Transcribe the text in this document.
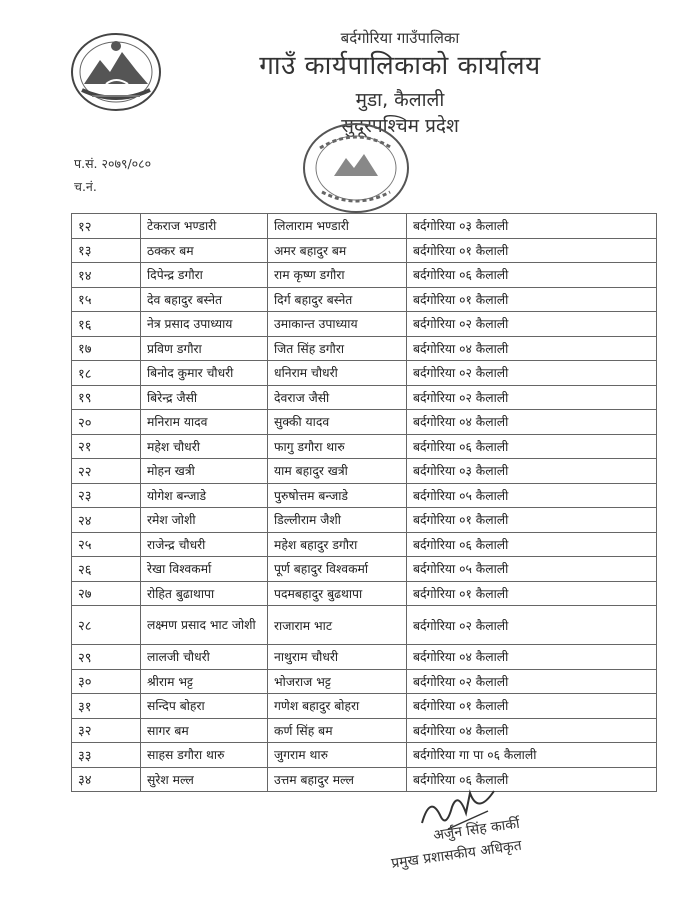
बर्दगोरिया गाउँपालिका
गाउँ कार्यपालिकाको कार्यालय
मुडा, कैलाली
सुदूरपश्चिम प्रदेश
प.सं. २०७९/०८०
च.नं.
१२	टेकराज भण्डारी	लिलाराम भण्डारी	बर्दगोरिया ०३ कैलाली
१३	ठक्कर बम	अमर बहादुर बम	बर्दगोरिया ०१ कैलाली
१४	दिपेन्द्र डगौरा	राम कृष्ण डगौरा	बर्दगोरिया ०६ कैलाली
१५	देव बहादुर बस्नेत	दिर्ग बहादुर बस्नेत	बर्दगोरिया ०१ कैलाली
१६	नेत्र प्रसाद उपाध्याय	उमाकान्त उपाध्याय	बर्दगोरिया ०२ कैलाली
१७	प्रविण डगौरा	जित सिंह डगौरा	बर्दगोरिया ०४ कैलाली
१८	बिनोद कुमार चौधरी	धनिराम चौधरी	बर्दगोरिया ०२ कैलाली
१९	बिरेन्द्र जैसी	देवराज जैसी	बर्दगोरिया ०२ कैलाली
२०	मनिराम यादव	सुक्की यादव	बर्दगोरिया ०४ कैलाली
२१	महेश चौधरी	फागु डगौरा थारु	बर्दगोरिया ०६ कैलाली
२२	मोहन खत्री	याम बहादुर खत्री	बर्दगोरिया ०३ कैलाली
२३	योगेश बन्जाडे	पुरुषोत्तम बन्जाडे	बर्दगोरिया ०५ कैलाली
२४	रमेश जोशी	डिल्लीराम जैशी	बर्दगोरिया ०१ कैलाली
२५	राजेन्द्र चौधरी	महेश बहादुर डगौरा	बर्दगोरिया ०६ कैलाली
२६	रेखा विश्वकर्मा	पूर्ण बहादुर विश्वकर्मा	बर्दगोरिया ०५ कैलाली
२७	रोहित बुढाथापा	पदमबहादुर बुढथापा	बर्दगोरिया ०१ कैलाली
२८	लक्ष्मण प्रसाद भाट जोशी	राजाराम भाट	बर्दगोरिया ०२ कैलाली
२९	लालजी चौधरी	नाथुराम चौधरी	बर्दगोरिया ०४ कैलाली
३०	श्रीराम भट्ट	भोजराज भट्ट	बर्दगोरिया ०२ कैलाली
३१	सन्दिप बोहरा	गणेश बहादुर बोहरा	बर्दगोरिया ०१ कैलाली
३२	सागर बम	कर्ण सिंह बम	बर्दगोरिया ०४ कैलाली
३३	साहस डगौरा थारु	जुगराम थारु	बर्दगोरिया गा पा ०६ कैलाली
३४	सुरेश मल्ल	उत्तम बहादुर मल्ल	बर्दगोरिया ०६ कैलाली
अर्जुन सिंह कार्की
प्रमुख प्रशासकीय अधिकृत
